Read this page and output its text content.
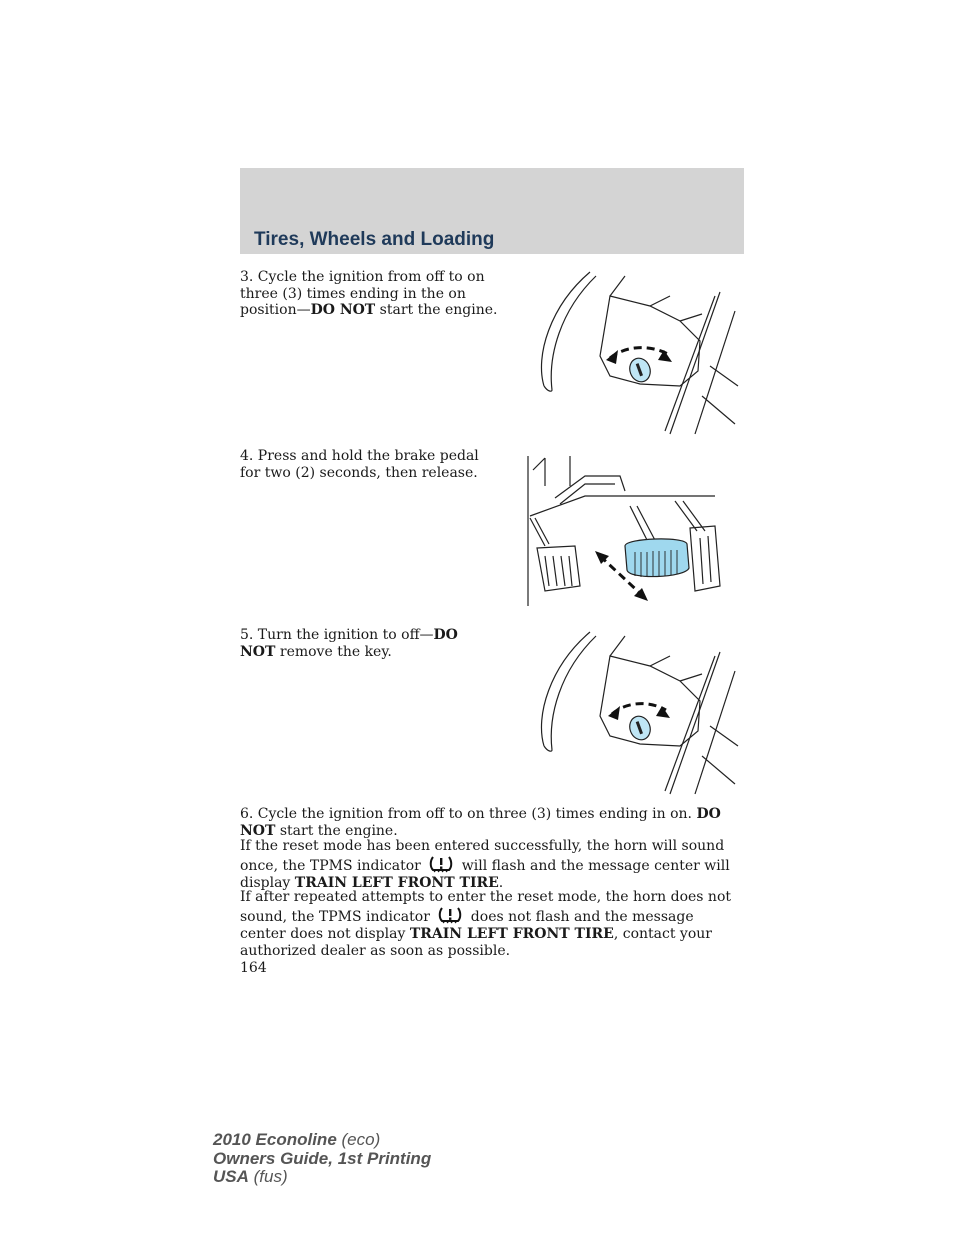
Tires, Wheels and Loading
3. Cycle the ignition from off to on three (3) times ending in the on position—DO NOT start the engine.
4. Press and hold the brake pedal for two (2) seconds, then release.
5. Turn the ignition to off—DO NOT remove the key.
6. Cycle the ignition from off to on three (3) times ending in on. DO NOT start the engine.
If the reset mode has been entered successfully, the horn will sound once, the TPMS indicator	will flash and the message center will display TRAIN LEFT FRONT TIRE.
If after repeated attempts to enter the reset mode, the horn does not sound, the TPMS indicator	does not flash and the message center does not display TRAIN LEFT FRONT TIRE, contact your authorized dealer as soon as possible.
164
2010 Econoline (eco)
Owners Guide, 1st Printing
USA (fus)
